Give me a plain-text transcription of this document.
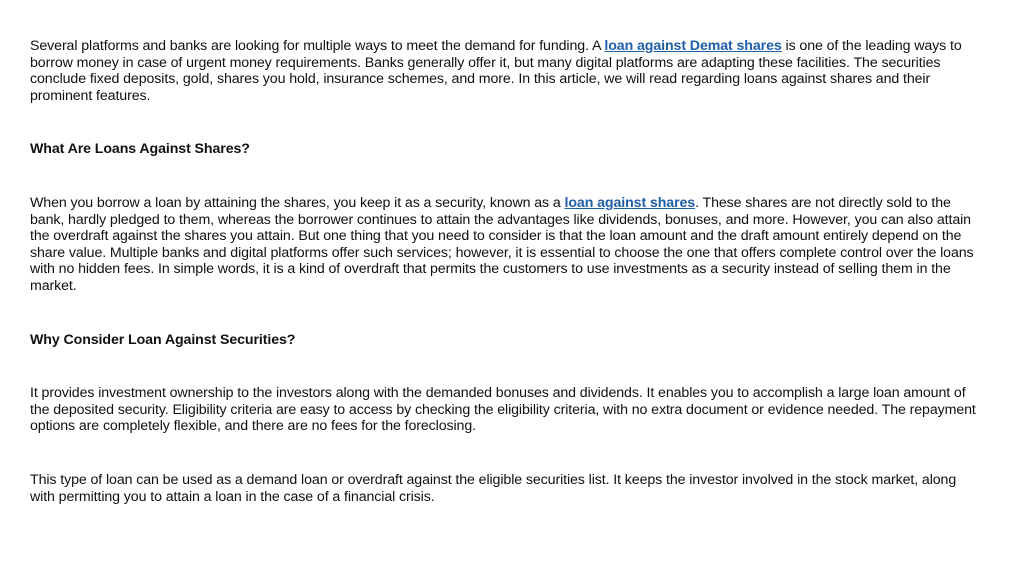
Several platforms and banks are looking for multiple ways to meet the demand for funding. A loan against Demat shares is one of the leading ways to borrow money in case of urgent money requirements. Banks generally offer it, but many digital platforms are adapting these facilities. The securities conclude fixed deposits, gold, shares you hold, insurance schemes, and more. In this article, we will read regarding loans against shares and their prominent features.

What Are Loans Against Shares?

When you borrow a loan by attaining the shares, you keep it as a security, known as a loan against shares. These shares are not directly sold to the bank, hardly pledged to them, whereas the borrower continues to attain the advantages like dividends, bonuses, and more. However, you can also attain the overdraft against the shares you attain. But one thing that you need to consider is that the loan amount and the draft amount entirely depend on the share value. Multiple banks and digital platforms offer such services; however, it is essential to choose the one that offers complete control over the loans with no hidden fees. In simple words, it is a kind of overdraft that permits the customers to use investments as a security instead of selling them in the market.

Why Consider Loan Against Securities?

It provides investment ownership to the investors along with the demanded bonuses and dividends. It enables you to accomplish a large loan amount of the deposited security. Eligibility criteria are easy to access by checking the eligibility criteria, with no extra document or evidence needed. The repayment options are completely flexible, and there are no fees for the foreclosing.

This type of loan can be used as a demand loan or overdraft against the eligible securities list. It keeps the investor involved in the stock market, along with permitting you to attain a loan in the case of a financial crisis.
